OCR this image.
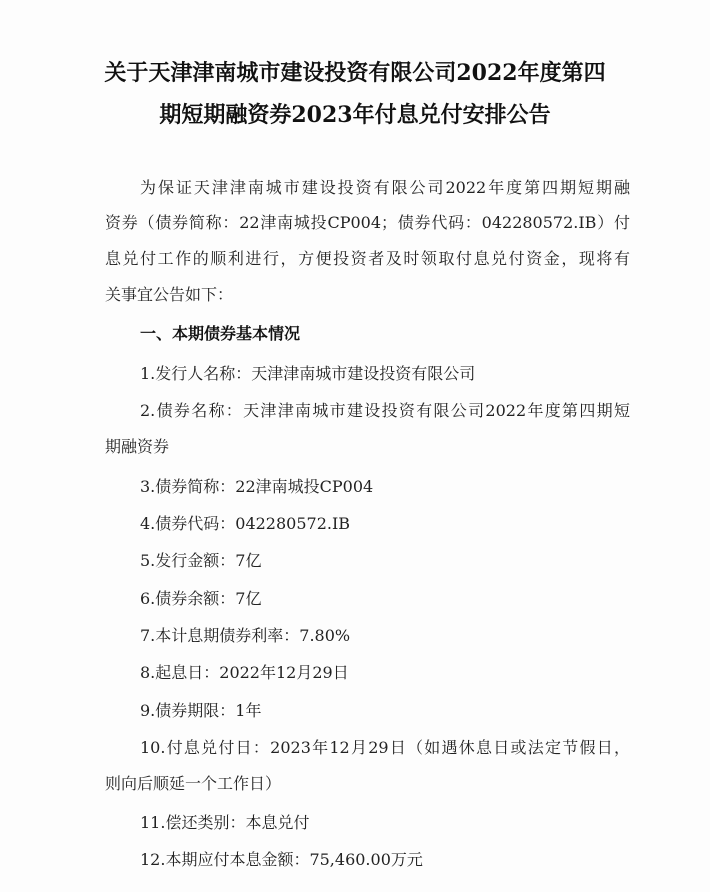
关于天津津南城市建设投资有限公司2022年度第四
期短期融资券2023年付息兑付安排公告
为保证天津津南城市建设投资有限公司2022年度第四期短期融
资券（债券简称：22津南城投CP004；债券代码：042280572.IB）付
息兑付工作的顺利进行，方便投资者及时领取付息兑付资金，现将有
关事宜公告如下：
一、本期债券基本情况
1.发行人名称：天津津南城市建设投资有限公司
2.债券名称：天津津南城市建设投资有限公司2022年度第四期短
期融资券
3.债券简称：22津南城投CP004
4.债券代码：042280572.IB
5.发行金额：7亿
6.债券余额：7亿
7.本计息期债券利率：7.80%
8.起息日：2022年12月29日
9.债券期限：1年
10.付息兑付日：2023年12月29日（如遇休息日或法定节假日，
则向后顺延一个工作日）
11.偿还类别：本息兑付
12.本期应付本息金额：75,460.00万元
